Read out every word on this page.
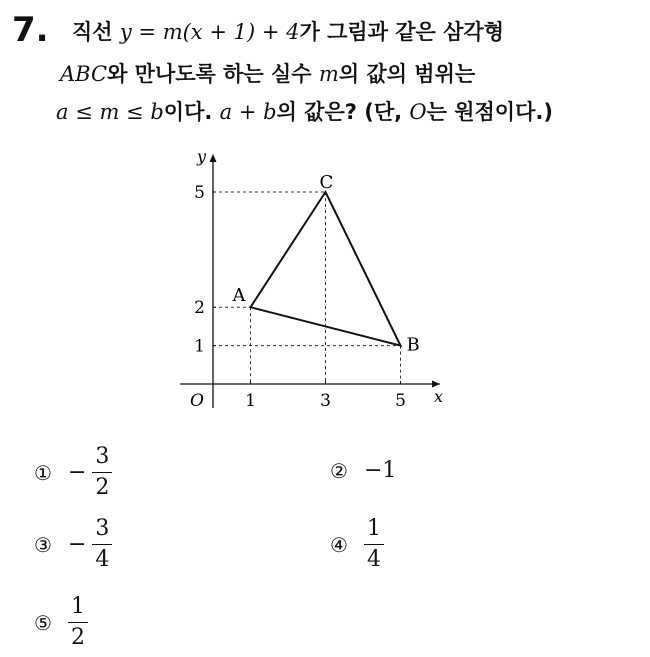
7. 직선 y = m(x + 1) + 4가 그림과 같은 삼각형
ABC와 만나도록 하는 실수 m의 값의 범위는
a ≤ m ≤ b이다. a + b의 값은? (단, O는 원점이다.)
y
x
O 1	3	5
5
2
1
A
B
C
① − $\frac{3}{2}$	② −1
③ − $\frac{3}{4}$	④ $\frac{1}{4}$
⑤ $\frac{1}{2}$
